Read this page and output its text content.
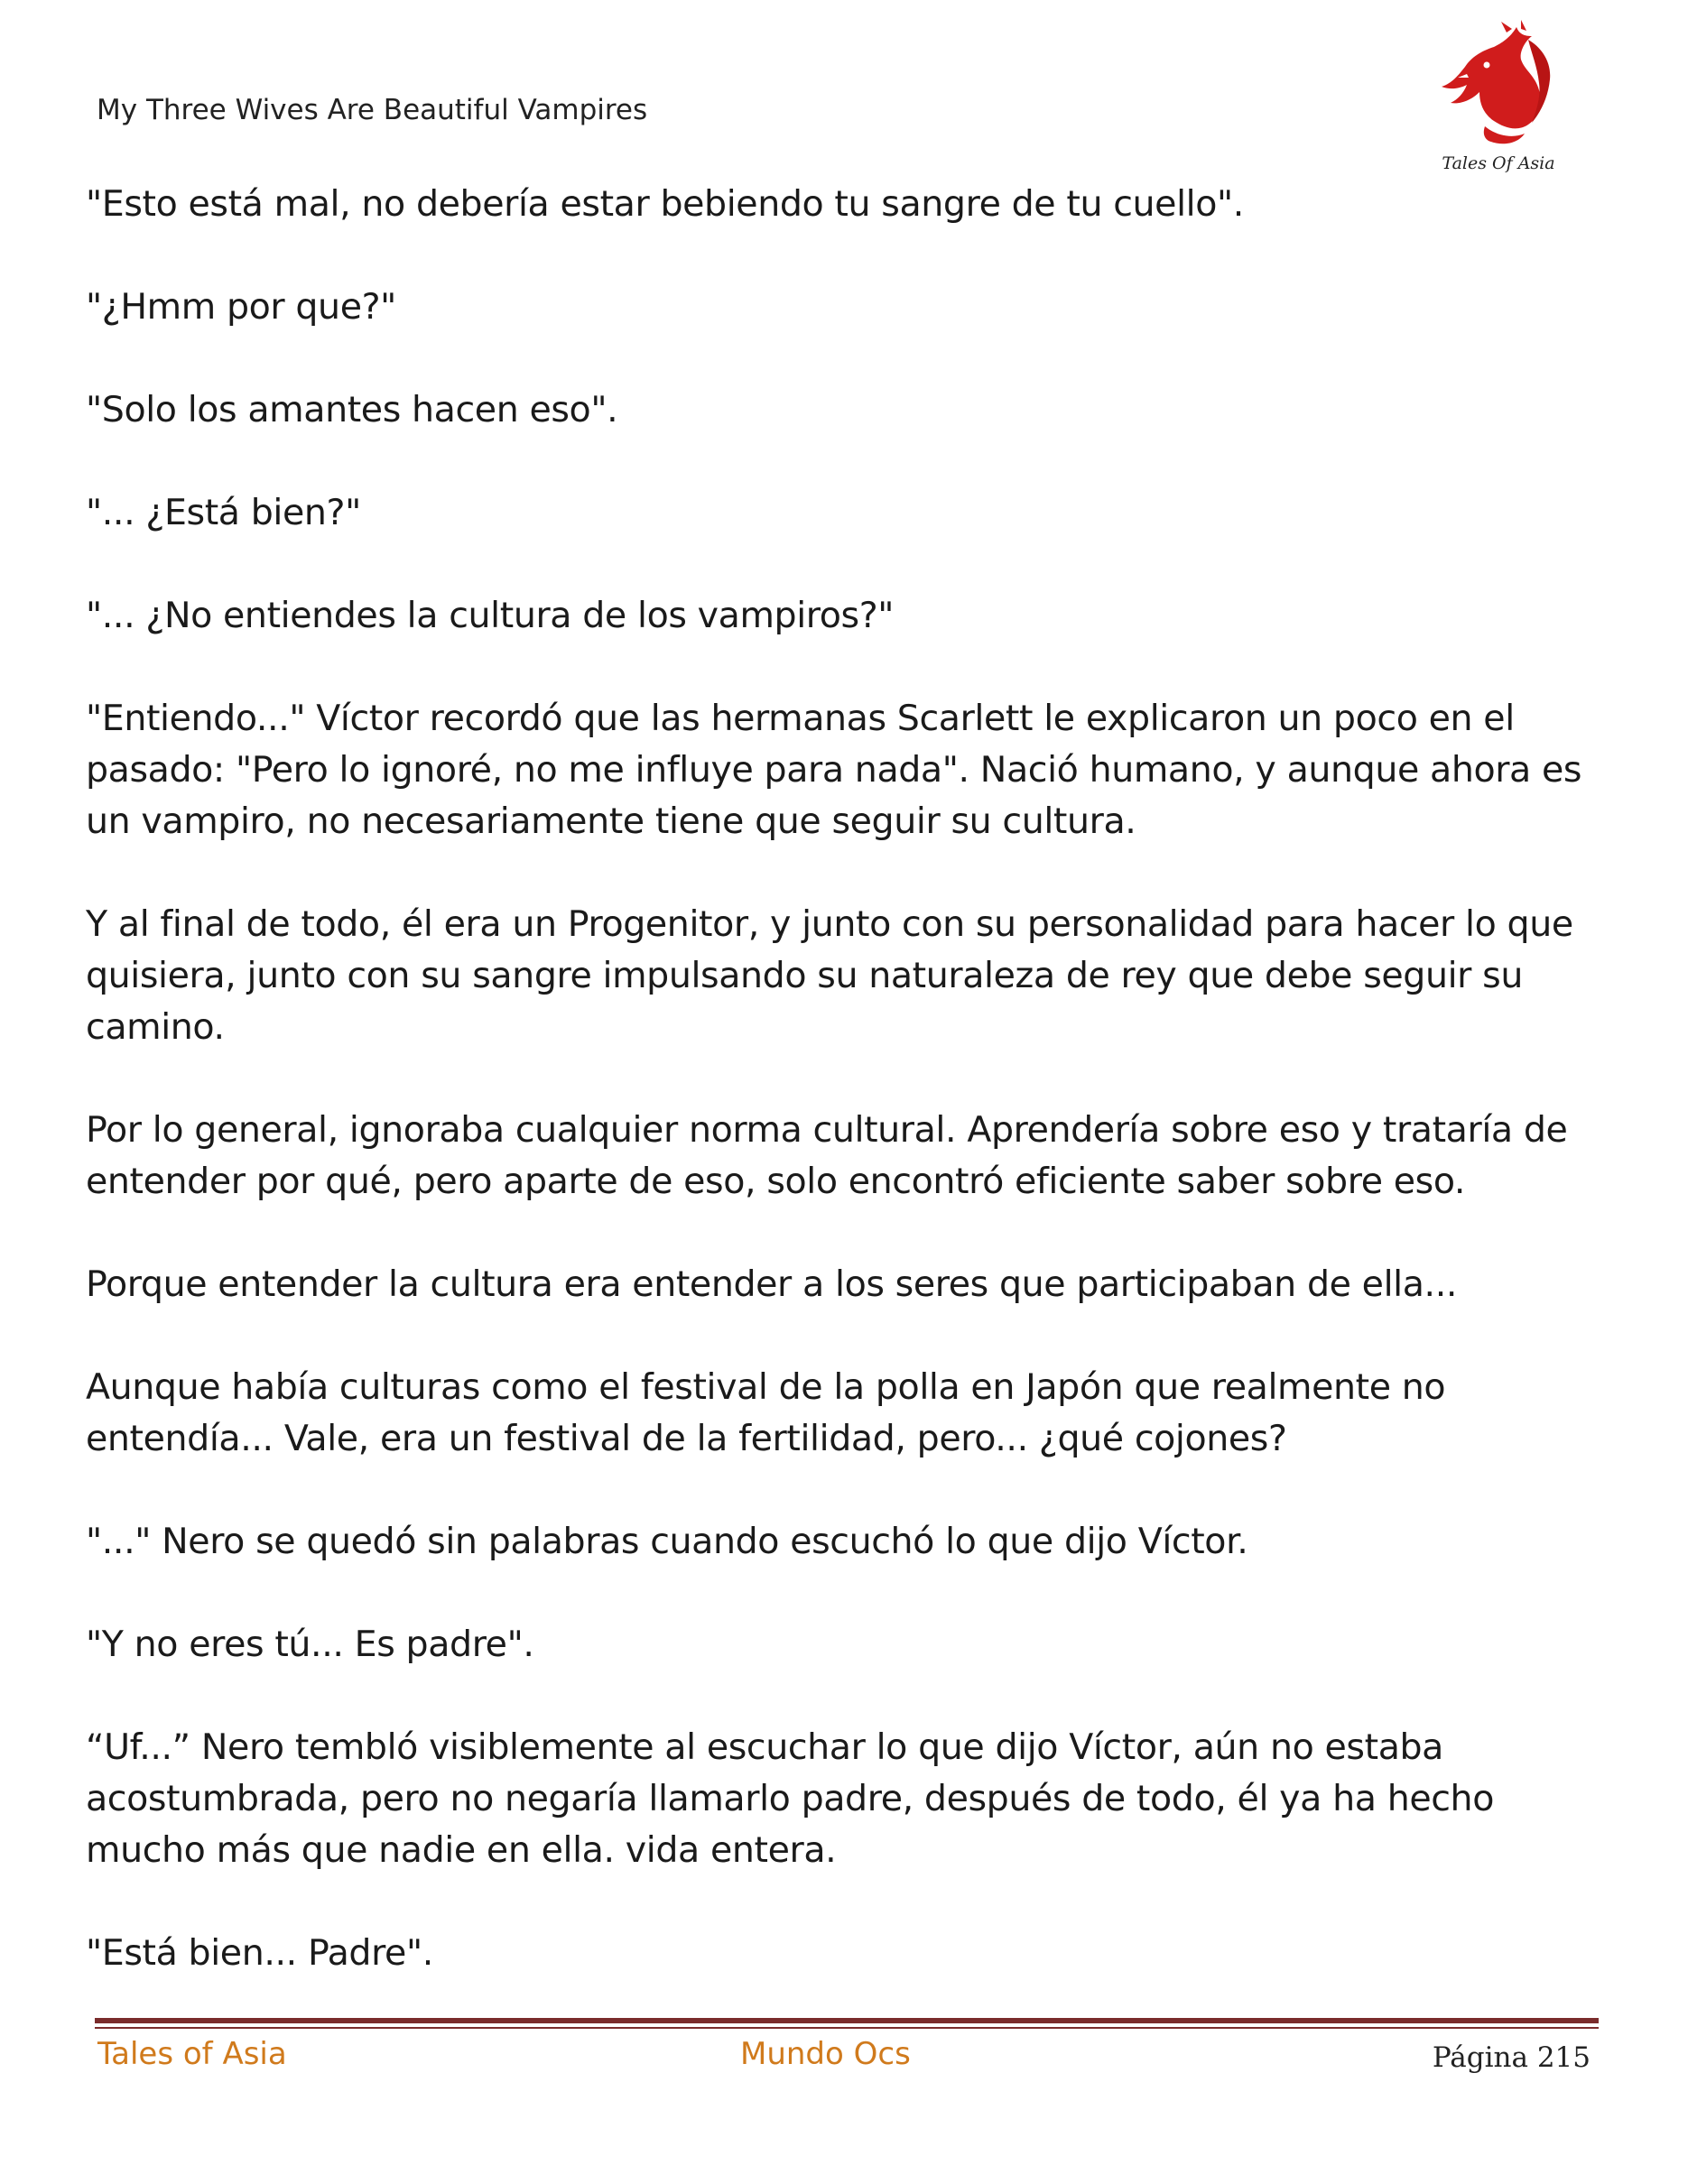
My Three Wives Are Beautiful Vampires
Tales Of Asia

"Esto está mal, no debería estar bebiendo tu sangre de tu cuello".

"¿Hmm por que?"

"Solo los amantes hacen eso".

"... ¿Está bien?"

"... ¿No entiendes la cultura de los vampiros?"

"Entiendo..." Víctor recordó que las hermanas Scarlett le explicaron un poco en el pasado: "Pero lo ignoré, no me influye para nada". Nació humano, y aunque ahora es un vampiro, no necesariamente tiene que seguir su cultura.

Y al final de todo, él era un Progenitor, y junto con su personalidad para hacer lo que quisiera, junto con su sangre impulsando su naturaleza de rey que debe seguir su camino.

Por lo general, ignoraba cualquier norma cultural. Aprendería sobre eso y trataría de entender por qué, pero aparte de eso, solo encontró eficiente saber sobre eso.

Porque entender la cultura era entender a los seres que participaban de ella...

Aunque había culturas como el festival de la polla en Japón que realmente no entendía... Vale, era un festival de la fertilidad, pero... ¿qué cojones?

"..." Nero se quedó sin palabras cuando escuchó lo que dijo Víctor.

"Y no eres tú... Es padre".

“Uf...” Nero tembló visiblemente al escuchar lo que dijo Víctor, aún no estaba acostumbrada, pero no negaría llamarlo padre, después de todo, él ya ha hecho mucho más que nadie en ella. vida entera.

"Está bien... Padre".

Tales of Asia	Mundo Ocs	Página 215
